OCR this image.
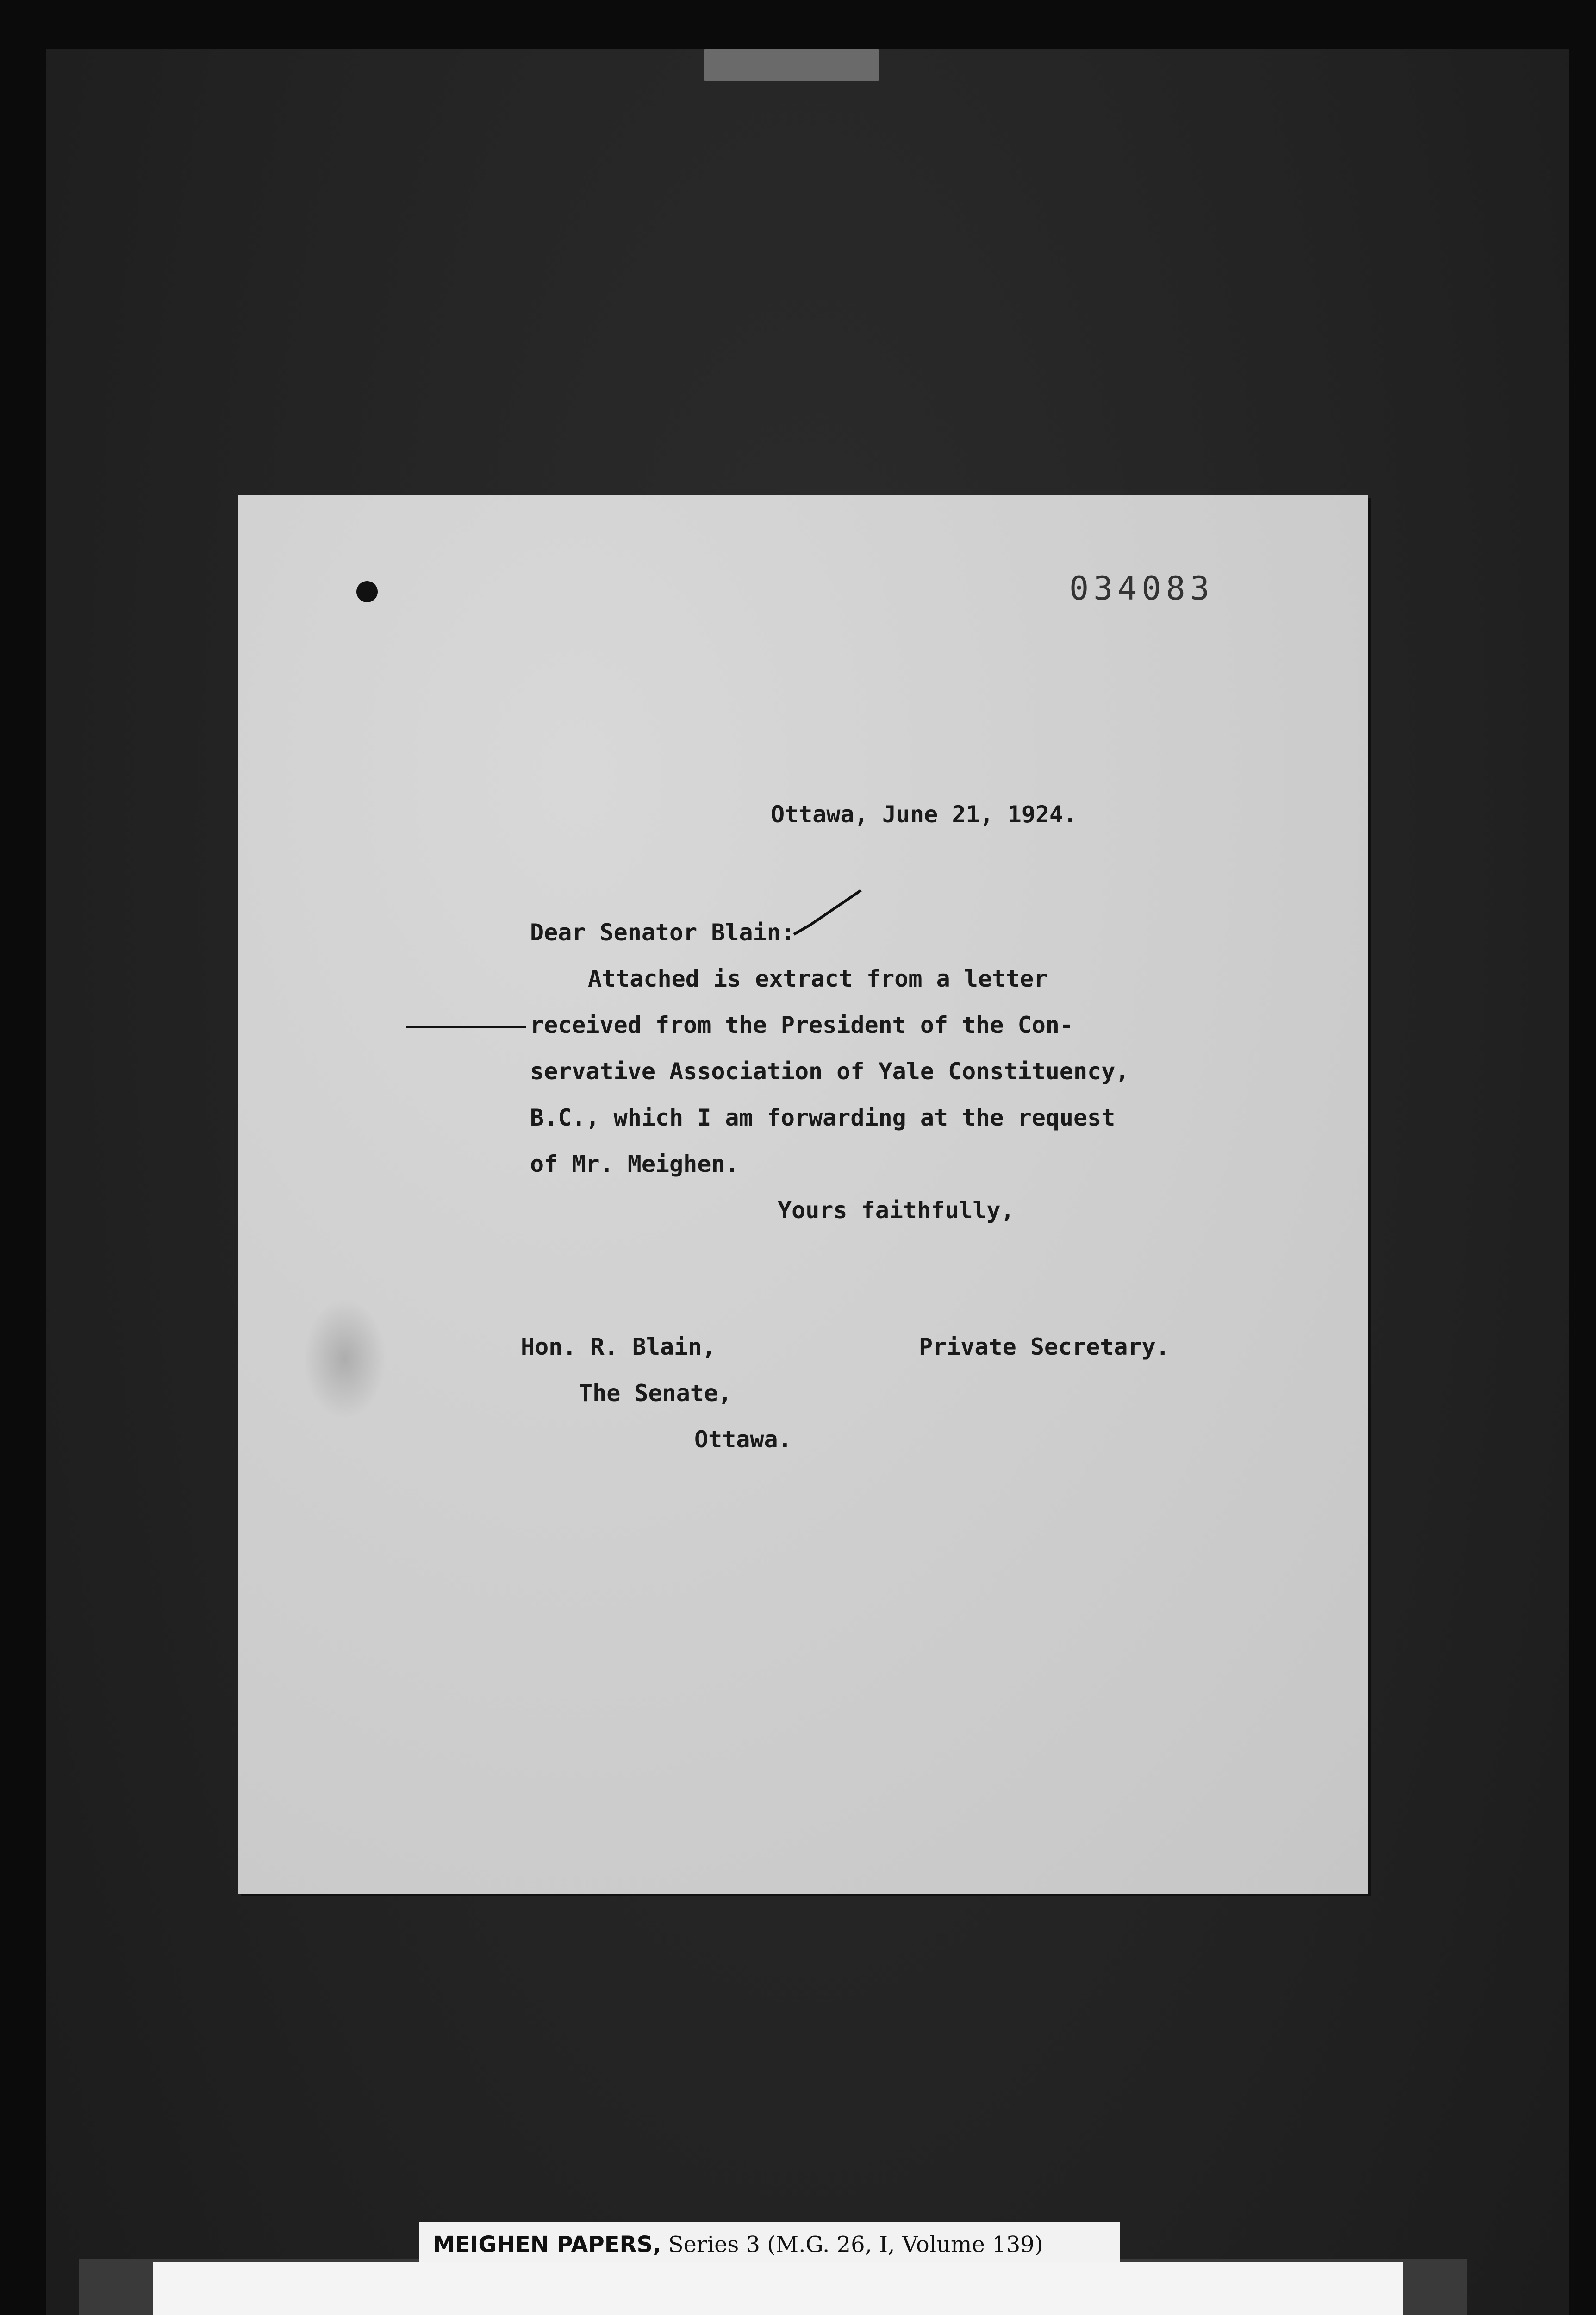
034083
Ottawa, June 21, 1924.
Dear Senator Blain:
Attached is extract from a letter
received from the President of the Con-
servative Association of Yale Constituency,
B.C., which I am forwarding at the request
of Mr. Meighen.
Yours faithfully,
Hon. R. Blain,	Private Secretary.
The Senate,
Ottawa.
MEIGHEN PAPERS, Series 3 (M.G. 26, I, Volume 139)
